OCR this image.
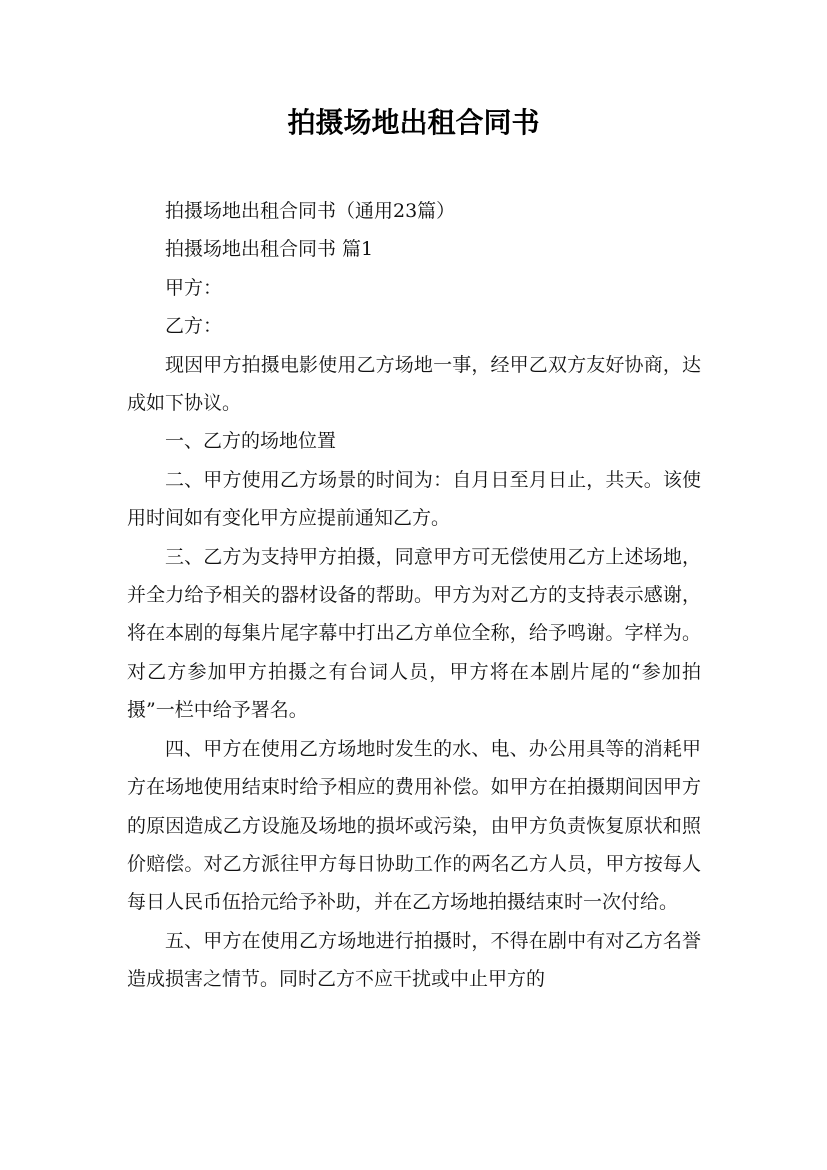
拍摄场地出租合同书

拍摄场地出租合同书（通用23篇）

拍摄场地出租合同书 篇1

甲方：

乙方：

现因甲方拍摄电影使用乙方场地一事，经甲乙双方友好协商，达成如下协议。

一、乙方的场地位置

二、甲方使用乙方场景的时间为：自月日至月日止，共天。该使用时间如有变化甲方应提前通知乙方。

三、乙方为支持甲方拍摄，同意甲方可无偿使用乙方上述场地，并全力给予相关的器材设备的帮助。甲方为对乙方的支持表示感谢，将在本剧的每集片尾字幕中打出乙方单位全称，给予鸣谢。字样为。对乙方参加甲方拍摄之有台词人员，甲方将在本剧片尾的“参加拍摄”一栏中给予署名。

四、甲方在使用乙方场地时发生的水、电、办公用具等的消耗甲方在场地使用结束时给予相应的费用补偿。如甲方在拍摄期间因甲方的原因造成乙方设施及场地的损坏或污染，由甲方负责恢复原状和照价赔偿。对乙方派往甲方每日协助工作的两名乙方人员，甲方按每人每日人民币伍拾元给予补助，并在乙方场地拍摄结束时一次付给。

五、甲方在使用乙方场地进行拍摄时，不得在剧中有对乙方名誉造成损害之情节。同时乙方不应干扰或中止甲方的
